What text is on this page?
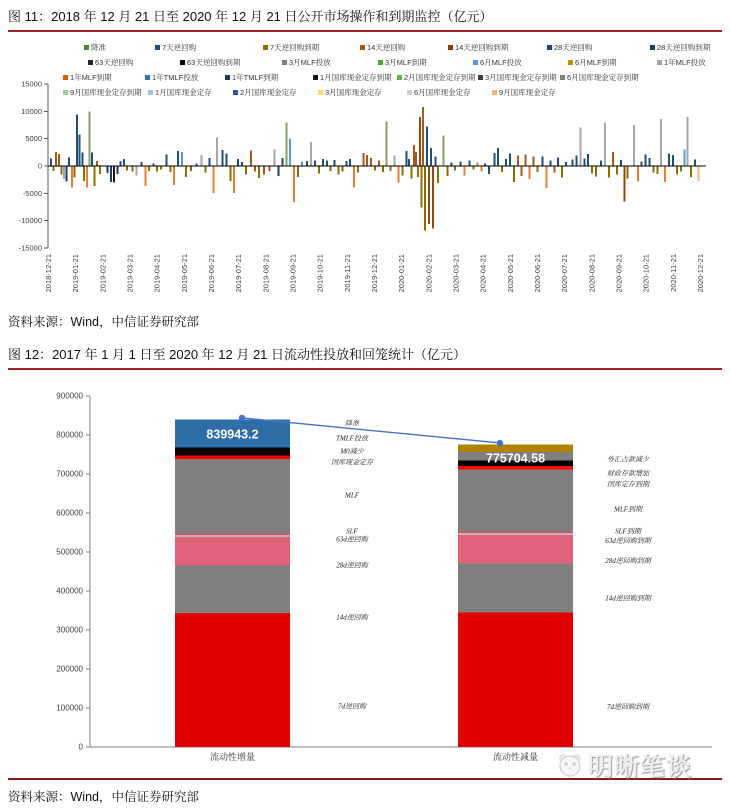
图 11：2018 年 12 月 21 日至 2020 年 12 月 21 日公开市场操作和到期监控（亿元）
降准	7天逆回购	7天逆回购到期	14天逆回购	14天逆回购到期	28天逆回购	28天逆回购到期
63天逆回购	63天逆回购到期	3月MLF投放	3月MLF到期	6月MLF投放	6月MLF到期	1年MLF投放
1年MLF到期	1年TMLF投放	1年TMLF到期	1月国库现金定存到期 2月国库现金定存到期 3月国库现金定存到期 6月国库现金定存到期
9月国库现金定存到期 1月国库现金定存	2月国库现金定存	3月国库现金定存	6月国库现金定存	9月国库现金定存
15000
10000
5000
0
-5000
-10000
-15000
2018-12-21 2019-01-21 2019-02-21 2019-03-21 2019-04-21 2019-05-21 2019-06-21 2019-07-21 2019-08-21 2019-09-21 2019-10-21 2019-11-21 2019-12-21 2020-01-21 2020-02-21 2020-03-21 2020-04-21 2020-05-21 2020-06-21 2020-07-21 2020-08-21 2020-09-21 2020-10-21 2020-11-21 2020-12-21
资料来源：Wind，中信证券研究部
图 12：2017 年 1 月 1 日至 2020 年 12 月 21 日流动性投放和回笼统计（亿元）
0
100000
200000
300000
400000
500000
600000
700000
800000
900000
839943.2
流动性增量
降准
TMLF投放
M0减少
国库现金定存
MLF
SLF
63d逆回购
28d逆回购
14d逆回购
7d逆回购
775704.58
流动性减量
外汇占款减少
财政存款增加
国库定存到期
MLF到期
SLF到期
63d逆回购到期
28d逆回购到期
14d逆回购到期
7d逆回购到期
明晰笔谈
资料来源：Wind，中信证券研究部
